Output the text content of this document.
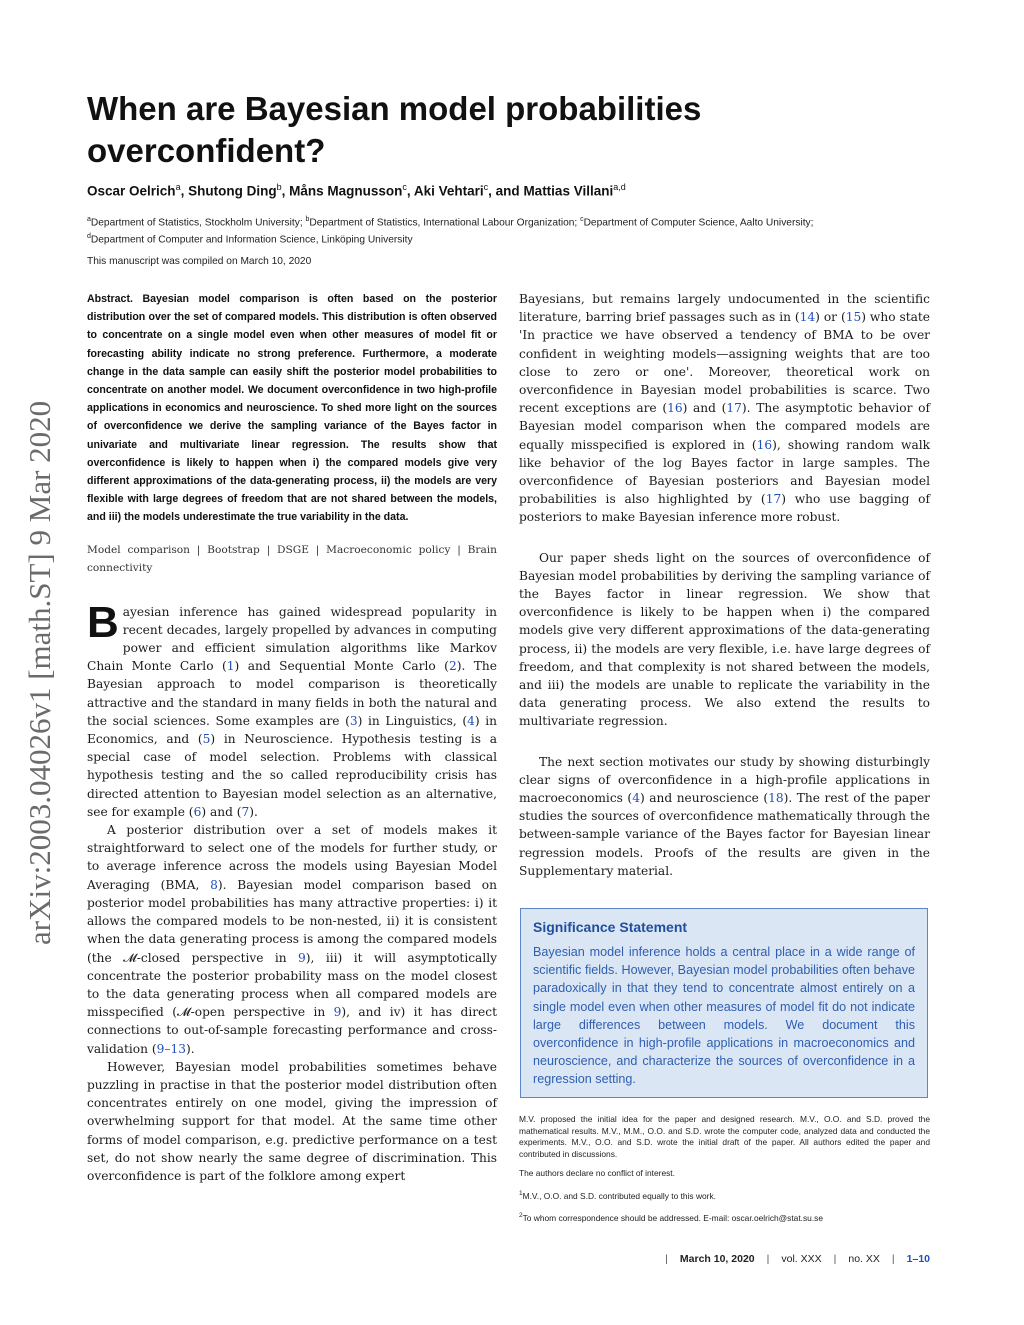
arXiv:2003.04026v1 [math.ST] 9 Mar 2020
When are Bayesian model probabilities overconfident?
Oscar Oelrich$^a$, Shutong Ding$^b$, Måns Magnusson$^c$, Aki Vehtari$^c$, and Mattias Villani$^{a,d}$
$^a$Department of Statistics, Stockholm University; $^b$Department of Statistics, International Labour Organization; $^c$Department of Computer Science, Aalto University;
$^d$Department of Computer and Information Science, Linköping University
This manuscript was compiled on March 10, 2020

Abstract. Bayesian model comparison is often based on the posterior distribution over the set of compared models. This distribution is often observed to concentrate on a single model even when other measures of model fit or forecasting ability indicate no strong preference. Furthermore, a moderate change in the data sample can easily shift the posterior model probabilities to concentrate on another model. We document overconfidence in two high-profile applications in economics and neuroscience. To shed more light on the sources of overconfidence we derive the sampling variance of the Bayes factor in univariate and multivariate linear regression. The results show that overconfidence is likely to happen when i) the compared models give very different approximations of the data-generating process, ii) the models are very flexible with large degrees of freedom that are not shared between the models, and iii) the models underestimate the true variability in the data.

Model comparison | Bootstrap | DSGE | Macroeconomic policy | Brain connectivity

Bayesian inference has gained widespread popularity in recent decades, largely propelled by advances in computing power and efficient simulation algorithms like Markov Chain Monte Carlo (1) and Sequential Monte Carlo (2). The Bayesian approach to model comparison is theoretically attractive and the standard in many fields in both the natural and the social sciences. Some examples are (3) in Linguistics, (4) in Economics, and (5) in Neuroscience. Hypothesis testing is a special case of model selection. Problems with classical hypothesis testing and the so called reproducibility crisis has directed attention to Bayesian model selection as an alternative, see for example (6) and (7).

A posterior distribution over a set of models makes it straightforward to select one of the models for further study, or to average inference across the models using Bayesian Model Averaging (BMA, 8). Bayesian model comparison based on posterior model probabilities has many attractive properties: i) it allows the compared models to be non-nested, ii) it is consistent when the data generating process is among the compared models (the 𝓜-closed perspective in 9), iii) it will asymptotically concentrate the posterior probability mass on the model closest to the data generating process when all compared models are misspecified (𝓜-open perspective in 9), and iv) it has direct connections to out-of-sample forecasting performance and cross-validation (9–13).

However, Bayesian model probabilities sometimes behave puzzling in practise in that the posterior model distribution often concentrates entirely on one model, giving the impression of overwhelming support for that model. At the same time other forms of model comparison, e.g. predictive performance on a test set, do not show nearly the same degree of discrimination. This overconfidence is part of the folklore among expert

Bayesians, but remains largely undocumented in the scientific literature, barring brief passages such as in (14) or (15) who state 'In practice we have observed a tendency of BMA to be over confident in weighting models—assigning weights that are too close to zero or one'. Moreover, theoretical work on overconfidence in Bayesian model probabilities is scarce. Two recent exceptions are (16) and (17). The asymptotic behavior of Bayesian model comparison when the compared models are equally misspecified is explored in (16), showing random walk like behavior of the log Bayes factor in large samples. The overconfidence of Bayesian posteriors and Bayesian model probabilities is also highlighted by (17) who use bagging of posteriors to make Bayesian inference more robust.

Our paper sheds light on the sources of overconfidence of Bayesian model probabilities by deriving the sampling variance of the Bayes factor in linear regression. We show that overconfidence is likely to be happen when i) the compared models give very different approximations of the data-generating process, ii) the models are very flexible, i.e. have large degrees of freedom, and that complexity is not shared between the models, and iii) the models are unable to replicate the variability in the data generating process. We also extend the results to multivariate regression.

The next section motivates our study by showing disturbingly clear signs of overconfidence in a high-profile applications in macroeconomics (4) and neuroscience (18). The rest of the paper studies the sources of overconfidence mathematically through the between-sample variance of the Bayes factor for Bayesian linear regression models. Proofs of the results are given in the Supplementary material.

Significance Statement

Bayesian model inference holds a central place in a wide range of scientific fields. However, Bayesian model probabilities often behave paradoxically in that they tend to concentrate almost entirely on a single model even when other measures of model fit do not indicate large differences between models. We document this overconfidence in high-profile applications in macroeconomics and neuroscience, and characterize the sources of overconfidence in a regression setting.

M.V. proposed the initial idea for the paper and designed research. M.V., O.O. and S.D. proved the mathematical results. M.V., M.M., O.O. and S.D. wrote the computer code, analyzed data and conducted the experiments. M.V., O.O. and S.D. wrote the initial draft of the paper. All authors edited the paper and contributed in discussions.

The authors declare no conflict of interest.

$^1$M.V., O.O. and S.D. contributed equally to this work.

$^2$To whom correspondence should be addressed. E-mail: oscar.oelrich@stat.su.se

| March 10, 2020 | vol. XXX | no. XX | 1–10
